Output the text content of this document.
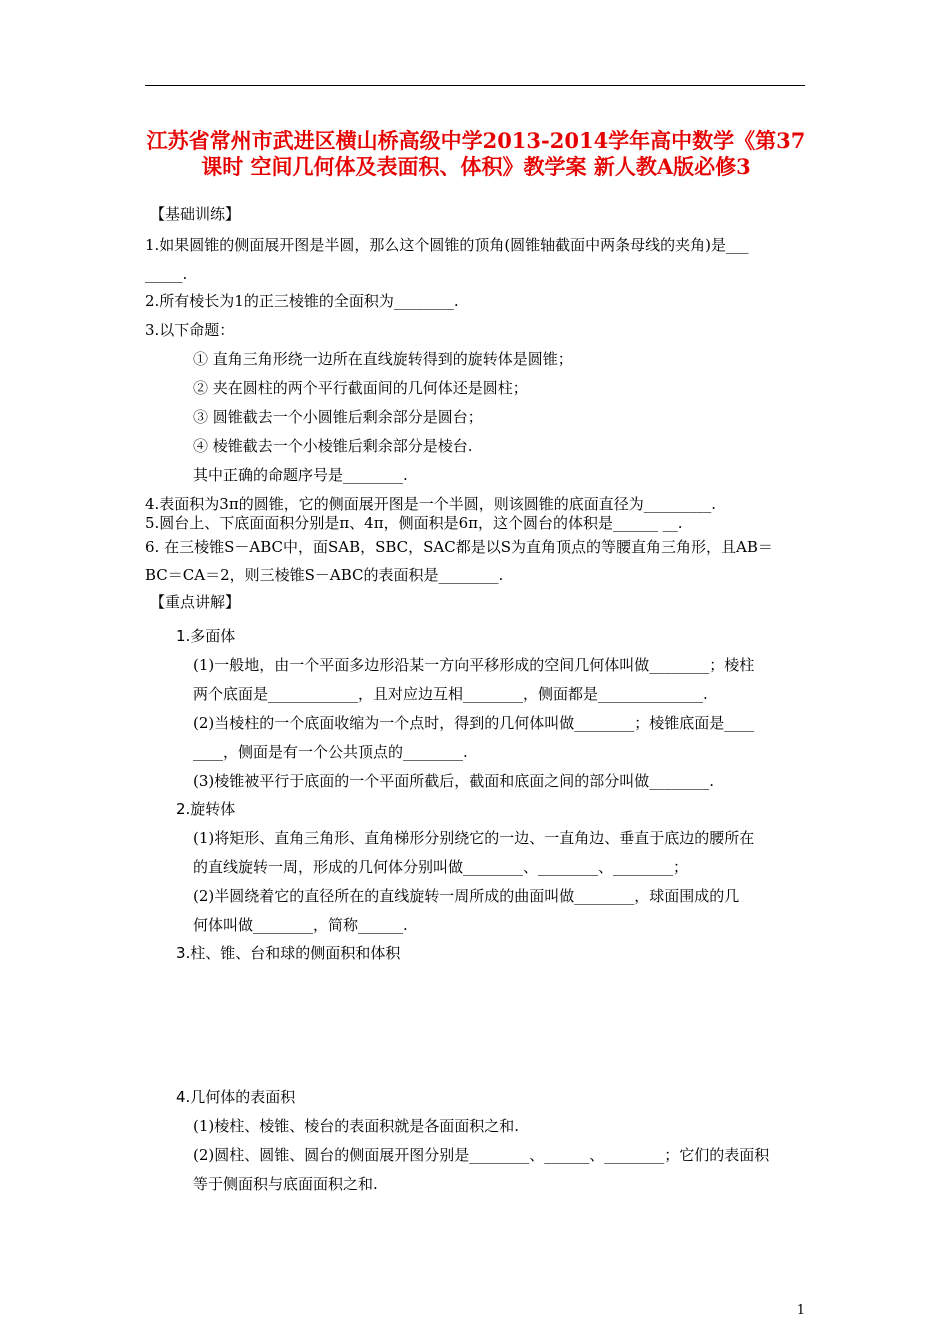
江苏省常州市武进区横山桥高级中学2013-2014学年高中数学《第37
课时 空间几何体及表面积、体积》教学案 新人教A版必修3
【基础训练】
1.如果圆锥的侧面展开图是半圆，那么这个圆锥的顶角(圆锥轴截面中两条母线的夹角)是___
_____.
2.所有棱长为1的正三棱锥的全面积为________.
3.以下命题：
① 直角三角形绕一边所在直线旋转得到的旋转体是圆锥；
② 夹在圆柱的两个平行截面间的几何体还是圆柱；
③ 圆锥截去一个小圆锥后剩余部分是圆台；
④ 棱锥截去一个小棱锥后剩余部分是棱台.
其中正确的命题序号是________.
4.表面积为3π的圆锥，它的侧面展开图是一个半圆，则该圆锥的底面直径为_________.
5.圆台上、下底面面积分别是π、4π，侧面积是6π，这个圆台的体积是______ __.
6. 在三棱锥S－ABC中，面SAB，SBC，SAC都是以S为直角顶点的等腰直角三角形，且AB＝
BC＝CA＝2，则三棱锥S－ABC的表面积是________.
【重点讲解】
1.多面体
(1)一般地，由一个平面多边形沿某一方向平移形成的空间几何体叫做________；棱柱
两个底面是____________，且对应边互相________，侧面都是______________.
(2)当棱柱的一个底面收缩为一个点时，得到的几何体叫做________；棱锥底面是____
____，侧面是有一个公共顶点的________.
(3)棱锥被平行于底面的一个平面所截后，截面和底面之间的部分叫做________.
2.旋转体
(1)将矩形、直角三角形、直角梯形分别绕它的一边、一直角边、垂直于底边的腰所在
的直线旋转一周，形成的几何体分别叫做________、________、________；
(2)半圆绕着它的直径所在的直线旋转一周所成的曲面叫做________，球面围成的几
何体叫做________，简称______.
3.柱、锥、台和球的侧面积和体积
4.几何体的表面积
(1)棱柱、棱锥、棱台的表面积就是各面面积之和.
(2)圆柱、圆锥、圆台的侧面展开图分别是________、______、________；它们的表面积
等于侧面积与底面面积之和.
1
